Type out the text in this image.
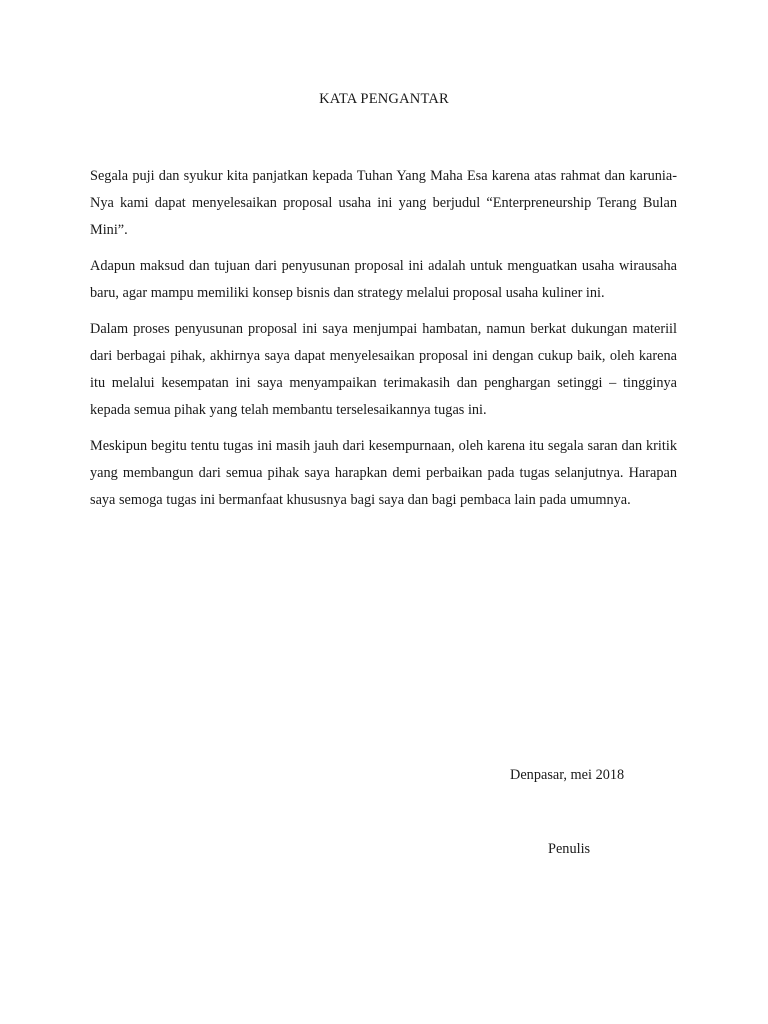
KATA PENGANTAR

Segala puji dan syukur kita panjatkan kepada Tuhan Yang Maha Esa karena atas rahmat dan karunia-Nya kami dapat menyelesaikan proposal usaha ini yang berjudul “Enterpreneurship Terang Bulan Mini”.

Adapun maksud dan tujuan dari penyusunan proposal ini adalah untuk menguatkan usaha wirausaha baru, agar mampu memiliki konsep bisnis dan strategy melalui proposal usaha kuliner ini.

Dalam proses penyusunan proposal ini saya menjumpai hambatan, namun berkat dukungan materiil dari berbagai pihak, akhirnya saya dapat menyelesaikan proposal ini dengan cukup baik, oleh karena itu melalui kesempatan ini saya menyampaikan terimakasih dan penghargan setinggi – tingginya kepada semua pihak yang telah membantu terselesaikannya tugas ini.

Meskipun begitu tentu tugas ini masih jauh dari kesempurnaan, oleh karena itu segala saran dan kritik yang membangun dari semua pihak saya harapkan demi perbaikan pada tugas selanjutnya. Harapan saya semoga tugas ini bermanfaat khususnya bagi saya dan bagi pembaca lain pada umumnya.

Denpasar, mei 2018

Penulis
